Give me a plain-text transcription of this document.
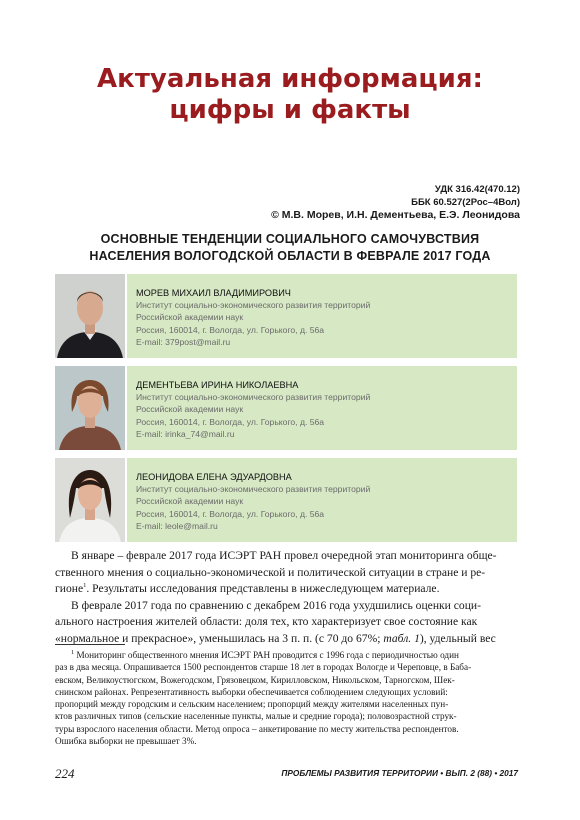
Актуальная информация:
цифры и факты
УДК 316.42(470.12)
ББК 60.527(2Рос–4Вол)
© М.В. Морев, И.Н. Дементьева, Е.Э. Леонидова
ОСНОВНЫЕ ТЕНДЕНЦИИ СОЦИАЛЬНОГО САМОЧУВСТВИЯ
НАСЕЛЕНИЯ ВОЛОГОДСКОЙ ОБЛАСТИ В ФЕВРАЛЕ 2017 ГОДА
МОРЕВ МИХАИЛ ВЛАДИМИРОВИЧ
Институт социально-экономического развития территорий
Российской академии наук
Россия, 160014, г. Вологда, ул. Горького, д. 56а
E-mail: 379post@mail.ru
ДЕМЕНТЬЕВА ИРИНА НИКОЛАЕВНА
Институт социально-экономического развития территорий
Российской академии наук
Россия, 160014, г. Вологда, ул. Горького, д. 56а
E-mail: irinka_74@mail.ru
ЛЕОНИДОВА ЕЛЕНА ЭДУАРДОВНА
Институт социально-экономического развития территорий
Российской академии наук
Россия, 160014, г. Вологда, ул. Горького, д. 56а
E-mail: leole@mail.ru

В январе – феврале 2017 года ИСЭРТ РАН провел очередной этап мониторинга обще-
ственного мнения о социально-экономической и политической ситуации в стране и ре-
гионе$^1$. Результаты исследования представлены в нижеследующем материале.

В феврале 2017 года по сравнению с декабрем 2016 года ухудшились оценки соци-
ального настроения жителей области: доля тех, кто характеризует свое состояние как
«нормальное и прекрасное», уменьшилась на 3 п. п. (с 70 до 67%; табл. 1), удельный вес

$^1$ Мониторинг общественного мнения ИСЭРТ РАН проводится с 1996 года с периодичностью один
раз в два месяца. Опрашивается 1500 респондентов старше 18 лет в городах Вологде и Череповце, в Баба-
евском, Великоустюгском, Вожегодском, Грязовецком, Кирилловском, Никольском, Тарногском, Шек-
снинском районах. Репрезентативность выборки обеспечивается соблюдением следующих условий:
пропорций между городским и сельским населением; пропорций между жителями населенных пун-
ктов различных типов (сельские населенные пункты, малые и средние города); половозрастной струк-
туры взрослого населения области. Метод опроса – анкетирование по месту жительства респондентов.
Ошибка выборки не превышает 3%.

224	ПРОБЛЕМЫ РАЗВИТИЯ ТЕРРИТОРИИ • ВЫП. 2 (88) • 2017
